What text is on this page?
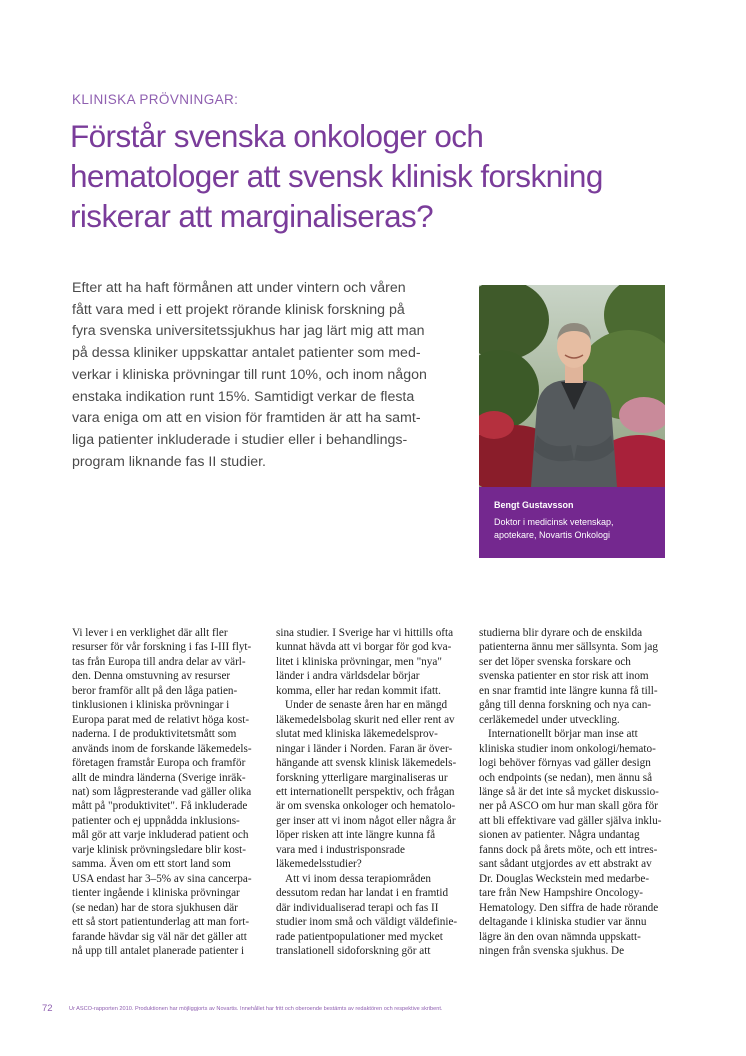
KLINISKA PRÖVNINGAR:
Förstår svenska onkologer och
hematologer att svensk klinisk forskning
riskerar att marginaliseras?
Efter att ha haft förmånen att under vintern och våren
fått vara med i ett projekt rörande klinisk forskning på
fyra svenska universitetssjukhus har jag lärt mig att man
på dessa kliniker uppskattar antalet patienter som med-
verkar i kliniska prövningar till runt 10%, och inom någon
enstaka indikation runt 15%. Samtidigt verkar de flesta
vara eniga om att en vision för framtiden är att ha samt-
liga patienter inkluderade i studier eller i behandlings-
program liknande fas II studier.

Bengt Gustavsson

Doktor i medicinsk vetenskap,
apotekare, Novartis Onkologi

Vi lever i en verklighet där allt fler
resurser för vår forskning i fas I-III flyt-
tas från Europa till andra delar av värl-
den. Denna omstuvning av resurser
beror framför allt på den låga patien-
tinklusionen i kliniska prövningar i
Europa parat med de relativt höga kost-
naderna. I de produktivitetsmått som
används inom de forskande läkemedels-
företagen framstår Europa och framför
allt de mindra länderna (Sverige inräk-
nat) som lågpresterande vad gäller olika
mått på "produktivitet". Få inkluderade
patienter och ej uppnådda inklusions-
mål gör att varje inkluderad patient och
varje klinisk prövningsledare blir kost-
samma. Även om ett stort land som
USA endast har 3–5% av sina cancerpa-
tienter ingående i kliniska prövningar
(se nedan) har de stora sjukhusen där
ett så stort patientunderlag att man fort-
farande hävdar sig väl när det gäller att
nå upp till antalet planerade patienter i
sina studier. I Sverige har vi hittills ofta
kunnat hävda att vi borgar för god kva-
litet i kliniska prövningar, men "nya"
länder i andra världsdelar börjar
komma, eller har redan kommit ifatt.
Under de senaste åren har en mängd
läkemedelsbolag skurit ned eller rent av
slutat med kliniska läkemedelsprov-
ningar i länder i Norden. Faran är över-
hängande att svensk klinisk läkemedels-
forskning ytterligare marginaliseras ur
ett internationellt perspektiv, och frågan
är om svenska onkologer och hematolo-
ger inser att vi inom något eller några år
löper risken att inte längre kunna få
vara med i industrisponsrade
läkemedelsstudier?
Att vi inom dessa terapiområden
dessutom redan har landat i en framtid
där individualiserad terapi och fas II
studier inom små och väldigt väldefinie-
rade patientpopulationer med mycket
translationell sidoforskning gör att
studierna blir dyrare och de enskilda
patienterna ännu mer sällsynta. Som jag
ser det löper svenska forskare och
svenska patienter en stor risk att inom
en snar framtid inte längre kunna få till-
gång till denna forskning och nya can-
cerläkemedel under utveckling.
Internationellt börjar man inse att
kliniska studier inom onkologi/hemato-
logi behöver förnyas vad gäller design
och endpoints (se nedan), men ännu så
länge så är det inte så mycket diskussio-
ner på ASCO om hur man skall göra för
att bli effektivare vad gäller själva inklu-
sionen av patienter. Några undantag
fanns dock på årets möte, och ett intres-
sant sådant utgjordes av ett abstrakt av
Dr. Douglas Weckstein med medarbe-
tare från New Hampshire Oncology-
Hematology. Den siffra de hade rörande
deltagande i kliniska studier var ännu
lägre än den ovan nämnda uppskatt-
ningen från svenska sjukhus. De
72	Ur ASCO-rapporten 2010. Produktionen har möjliggjorts av Novartis. Innehållet har fritt och oberoende bestämts av redaktören och respektive skribent.
